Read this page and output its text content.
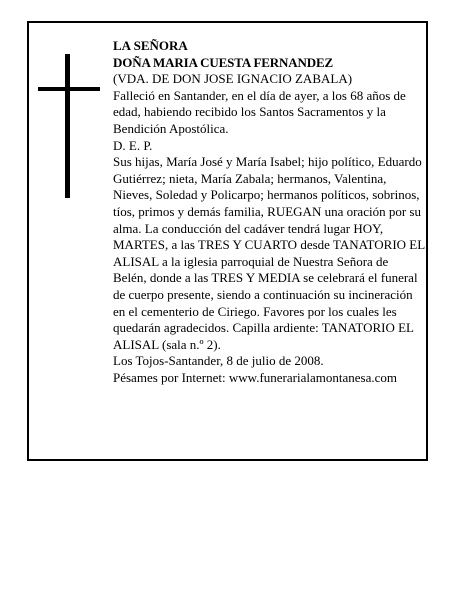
LA SEÑORA

DOÑA MARIA CUESTA FERNANDEZ

(VDA. DE DON JOSE IGNACIO ZABALA)

Falleció en Santander, en el día de ayer, a los 68 años de edad, habiendo recibido los Santos Sacramentos y la Bendición Apostólica.

D. E. P.

Sus hijas, María José y María Isabel; hijo político, Eduardo Gutiérrez; nieta, María Zabala; hermanos, Valentina, Nieves, Soledad y Policarpo; hermanos políticos, sobrinos, tíos, primos y demás familia, RUEGAN una oración por su alma. La conducción del cadáver tendrá lugar HOY, MARTES, a las TRES Y CUARTO desde TANATORIO EL ALISAL a la iglesia parroquial de Nuestra Señora de Belén, donde a las TRES Y MEDIA se celebrará el funeral de cuerpo presente, siendo a continuación su incineración en el cementerio de Ciriego. Favores por los cuales les quedarán agradecidos. Capilla ardiente: TANATORIO EL ALISAL (sala n.º 2).

Los Tojos-Santander, 8 de julio de 2008.

Pésames por Internet: www.funerarialamontanesa.com
